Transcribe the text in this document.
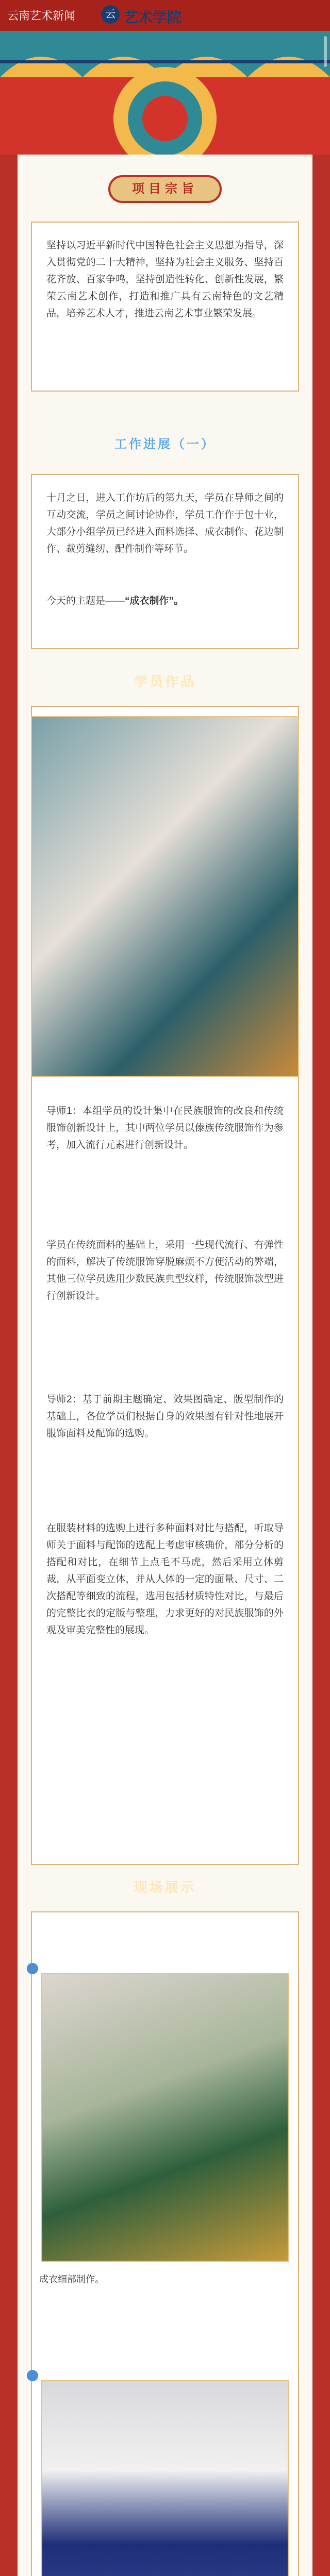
云南艺术新闻	云 艺术学院
项目宗旨
坚持以习近平新时代中国特色社会主义思想为指导，深入贯彻党的二十大精神，坚持为社会主义服务、坚持百花齐放、百家争鸣，坚持创造性转化、创新性发展，繁荣云南艺术创作，打造和推广具有云南特色的文艺精品，培养艺术人才，推进云南艺术事业繁荣发展。
工作进展（一）
十月之日，进入工作坊后的第九天，学员在导师之间的互动交流，学员之间讨论协作，学员工作作于包十业，大部分小组学员已经进入面料选择、成衣制作、花边制作、裁剪缝纫、配件制作等环节。
今天的主题是——“成衣制作”。
学员作品
导师1：本组学员的设计集中在民族服饰的改良和传统服饰创新设计上，其中两位学员以傣族传统服饰作为参考，加入流行元素进行创新设计。
学员在传统面料的基础上，采用一些现代流行、有弹性的面料，解决了传统服饰穿脱麻烦不方便活动的弊端，其他三位学员选用少数民族典型纹样，传统服饰款型进行创新设计。
导师2：基于前期主题确定、效果图确定、版型制作的基础上，各位学员们根据自身的效果图有针对性地展开服饰面料及配饰的选购。
在服装材料的选购上进行多种面料对比与搭配，听取导师关于面料与配饰的选配上考虑审核确价，部分分析的搭配和对比，在细节上点毛不马虎，然后采用立体剪裁，从平面变立体，并从人体的一定的面量、尺寸、二次搭配等细致的流程，选用包括材质特性对比，与最后的完整比衣的定版与整理，力求更好的对民族服饰的外观及审美完整性的展现。
现场展示
成衣细部制作。
